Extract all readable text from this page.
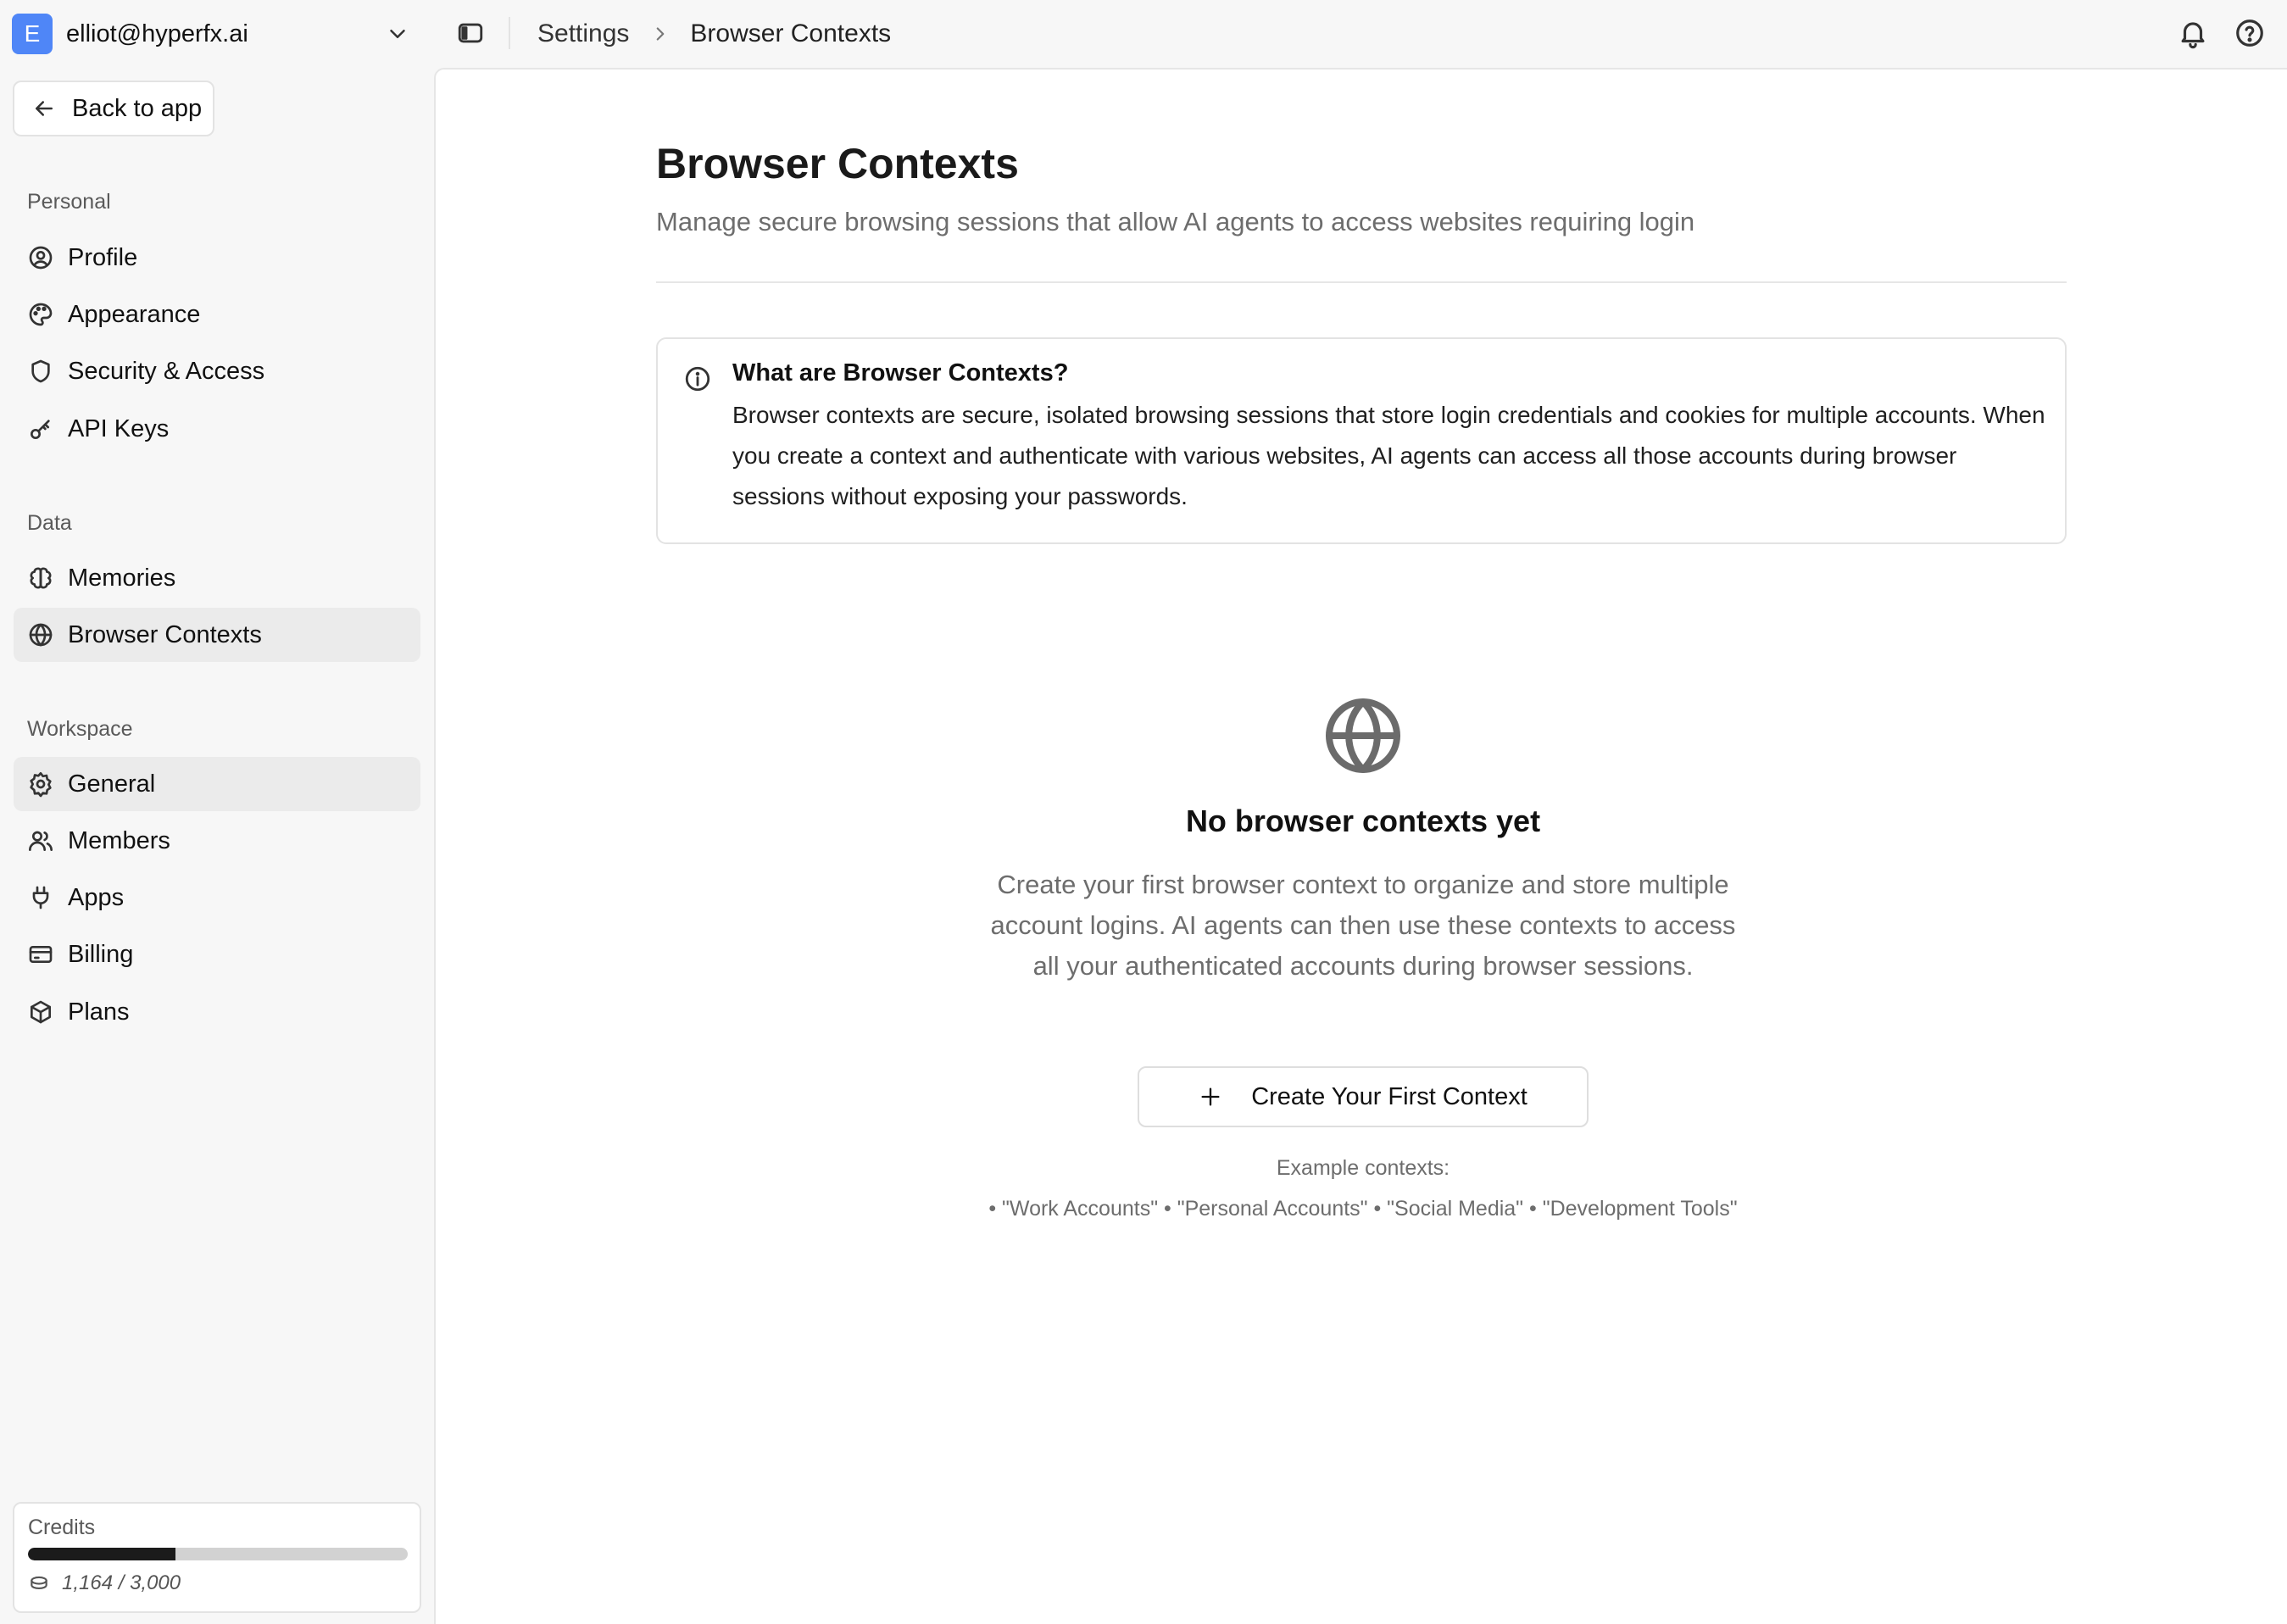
E	elliot@hyperfx.ai	Settings Browser Contexts
Back to app
Personal
Profile
Appearance
Security & Access
API Keys
Data
Memories
Browser Contexts
Workspace
General
Members
Apps
Billing
Plans
Credits
1,164 / 3,000
Browser Contexts
Manage secure browsing sessions that allow AI agents to access websites requiring login
What are Browser Contexts?
Browser contexts are secure, isolated browsing sessions that store login credentials and cookies for multiple accounts. When you create a context and authenticate with various websites, AI agents can access all those accounts during browser sessions without exposing your passwords.
No browser contexts yet
Create your first browser context to organize and store multiple account logins. AI agents can then use these contexts to access all your authenticated accounts during browser sessions.
Create Your First Context
Example contexts:
• "Work Accounts" • "Personal Accounts" • "Social Media" • "Development Tools"
